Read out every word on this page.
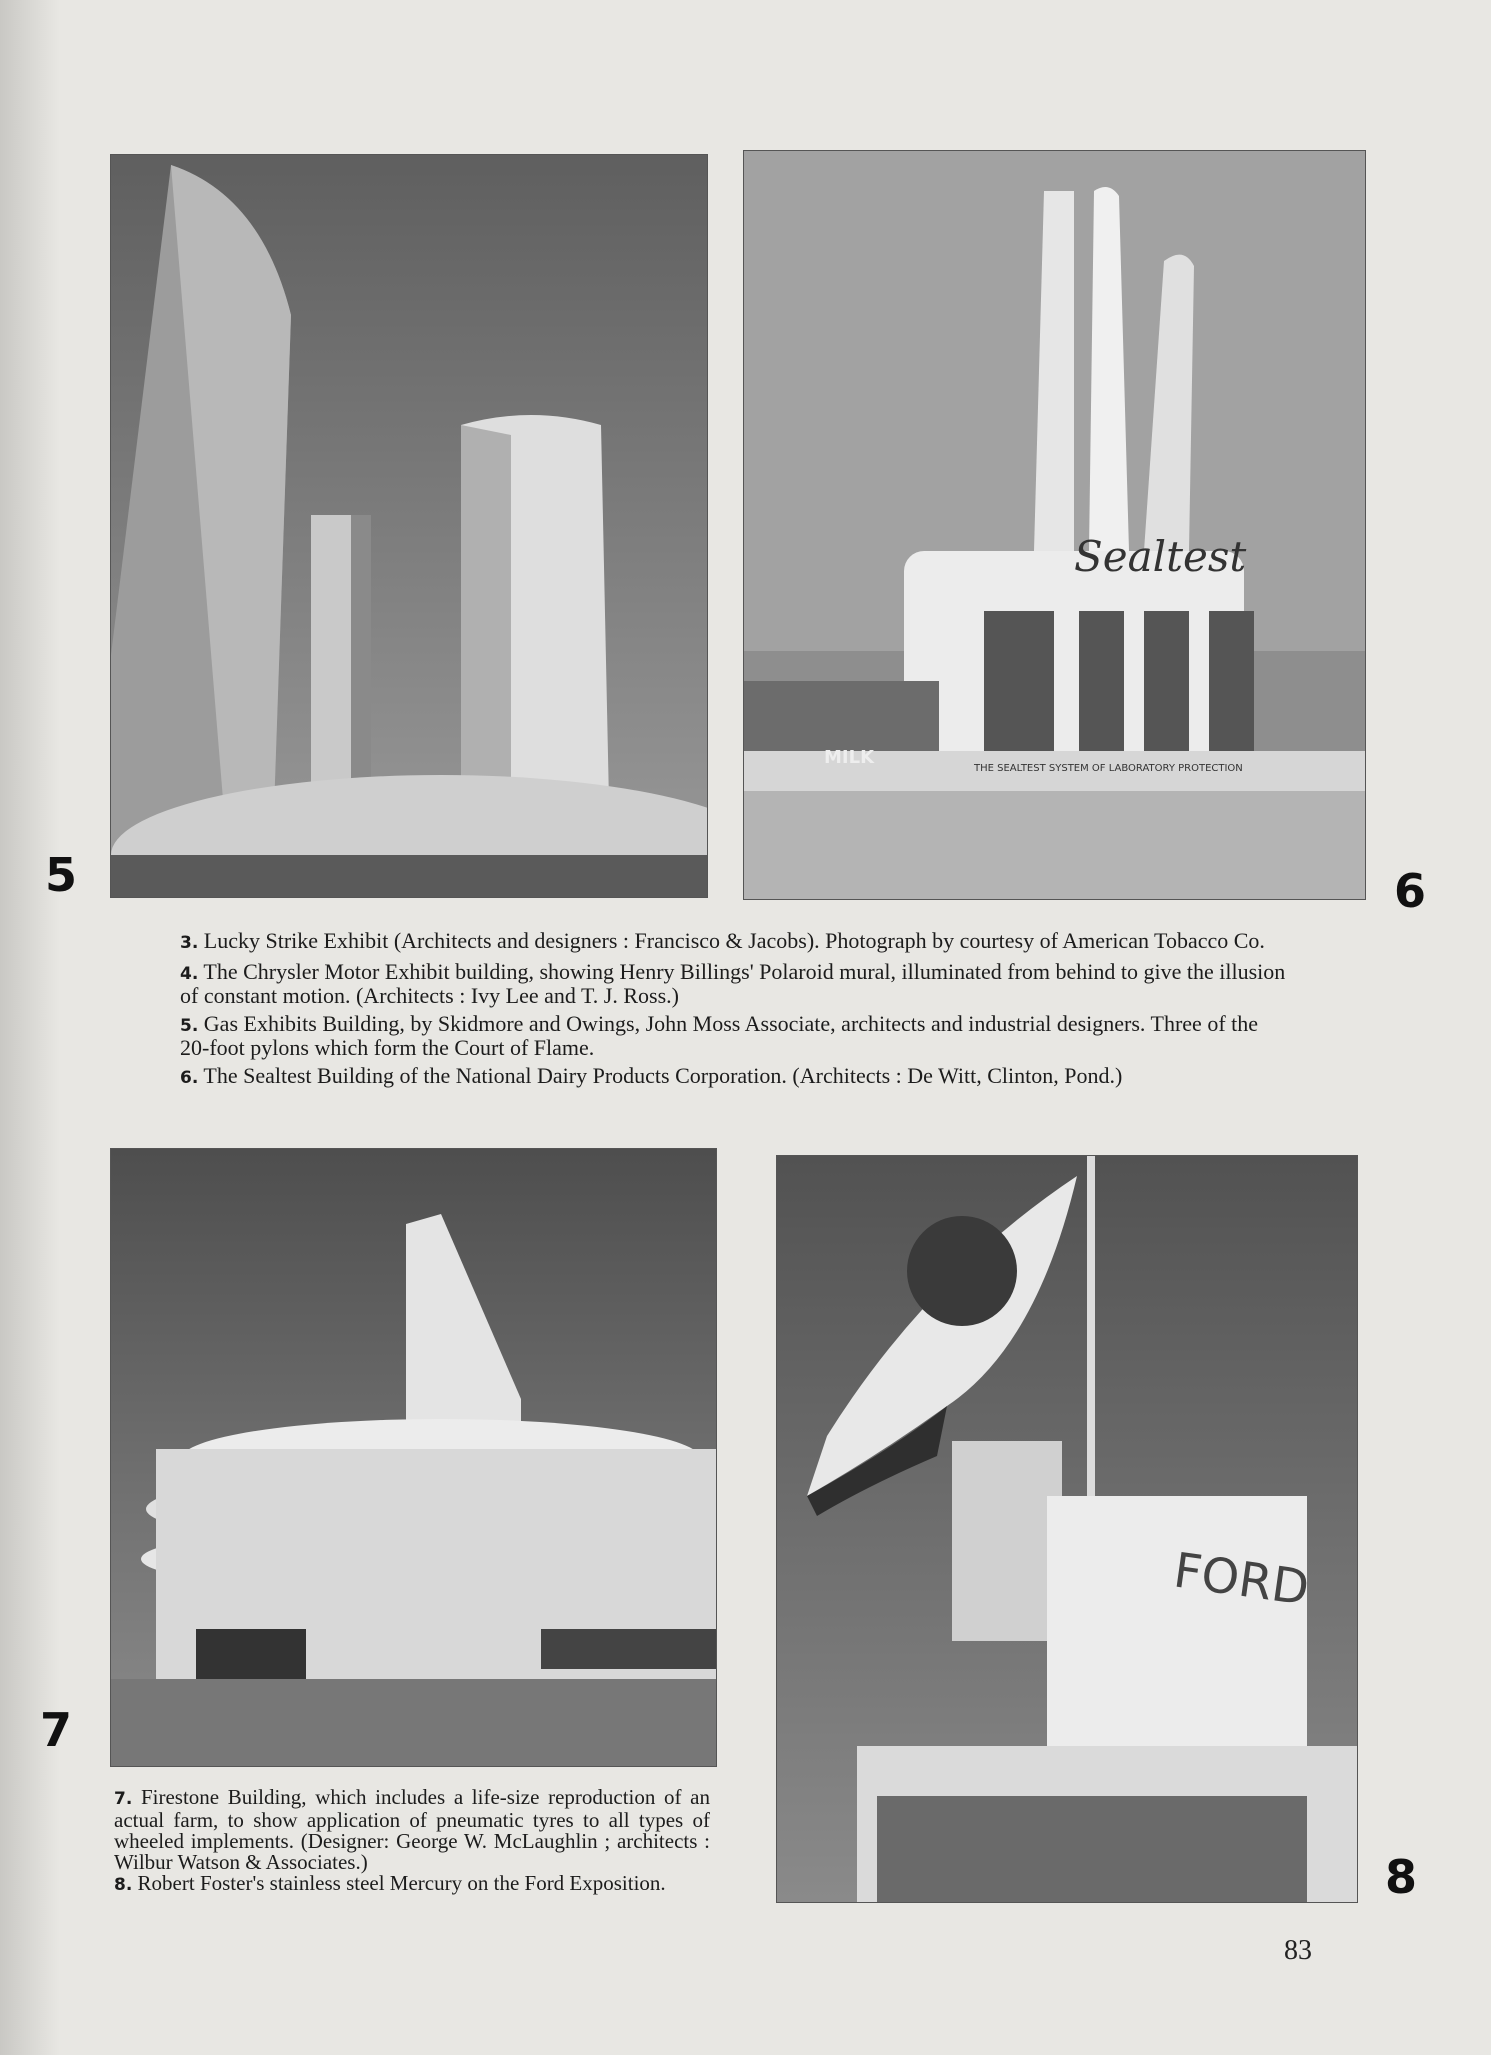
Sealtest
THE SEALTEST SYSTEM OF LABORATORY PROTECTION
MILK
5	6

3. Lucky Strike Exhibit (Architects and designers : Francisco & Jacobs). Photograph by courtesy of American Tobacco Co.

4. The Chrysler Motor Exhibit building, showing Henry Billings' Polaroid mural, illuminated from behind to give the illusion of constant motion. (Architects : Ivy Lee and T. J. Ross.)

5. Gas Exhibits Building, by Skidmore and Owings, John Moss Associate, architects and industrial designers. Three of the 20-foot pylons which form the Court of Flame.

6. The Sealtest Building of the National Dairy Products Corporation. (Architects : De Witt, Clinton, Pond.)

FORD
7
8

7. Firestone Building, which includes a life-size reproduction of an actual farm, to show application of pneumatic tyres to all types of wheeled implements. (Designer: George W. McLaughlin ; architects : Wilbur Watson & Associates.)

8. Robert Foster's stainless steel Mercury on the Ford Exposition.

83
